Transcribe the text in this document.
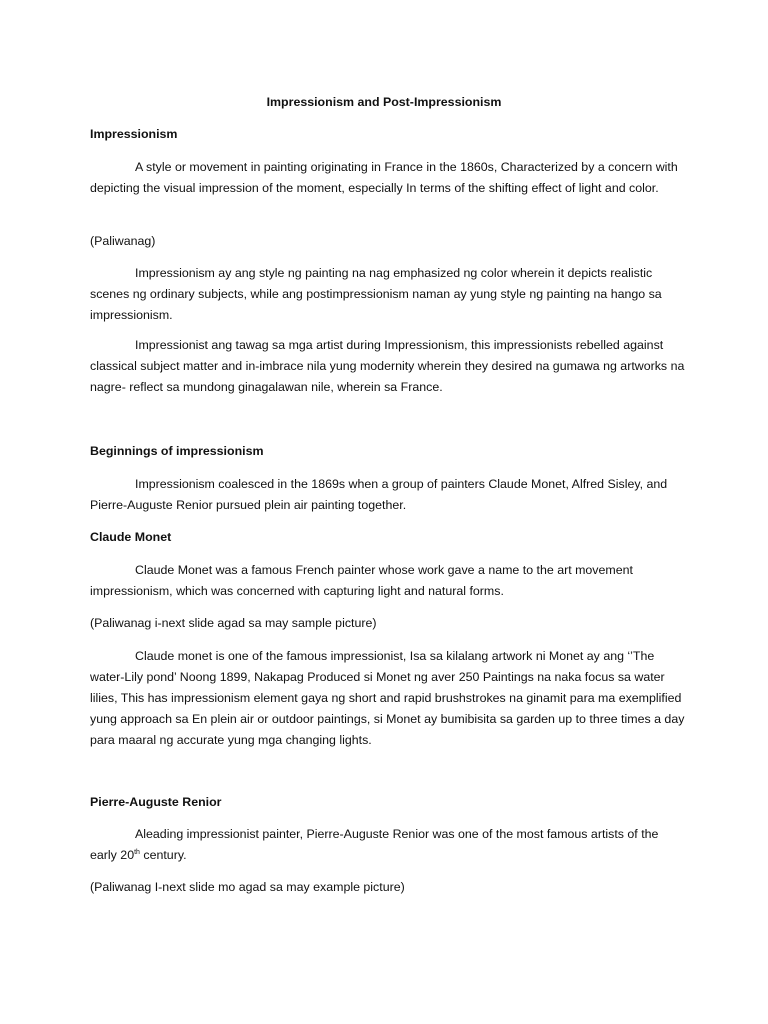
Impressionism and Post-Impressionism

Impressionism

A style or movement in painting originating in France in the 1860s, Characterized by a concern with depicting the visual impression of the moment, especially In terms of the shifting effect of light and color.

(Paliwanag)

Impressionism ay ang style ng painting na nag emphasized ng color wherein it depicts realistic scenes ng ordinary subjects, while ang postimpressionism naman ay yung style ng painting na hango sa impressionism.

Impressionist ang tawag sa mga artist during Impressionism, this impressionists rebelled against classical subject matter and in-imbrace nila yung modernity wherein they desired na gumawa ng artworks na nagre- reflect sa mundong ginagalawan nile, wherein sa France.

Beginnings of impressionism

Impressionism coalesced in the 1869s when a group of painters Claude Monet, Alfred Sisley, and Pierre-Auguste Renior pursued plein air painting together.

Claude Monet

Claude Monet was a famous French painter whose work gave a name to the art movement impressionism, which was concerned with capturing light and natural forms.

(Paliwanag i-next slide agad sa may sample picture)

Claude monet is one of the famous impressionist, Isa sa kilalang artwork ni Monet ay ang ‘’The water-Lily pond’ Noong 1899, Nakapag Produced si Monet ng aver 250 Paintings na naka focus sa water lilies, This has impressionism element gaya ng short and rapid brushstrokes na ginamit para ma exemplified yung approach sa En plein air or outdoor paintings, si Monet ay bumibisita sa garden up to three times a day para maaral ng accurate yung mga changing lights.

Pierre-Auguste Renior

Aleading impressionist painter, Pierre-Auguste Renior was one of the most famous artists of the early 20th century.

(Paliwanag I-next slide mo agad sa may example picture)
